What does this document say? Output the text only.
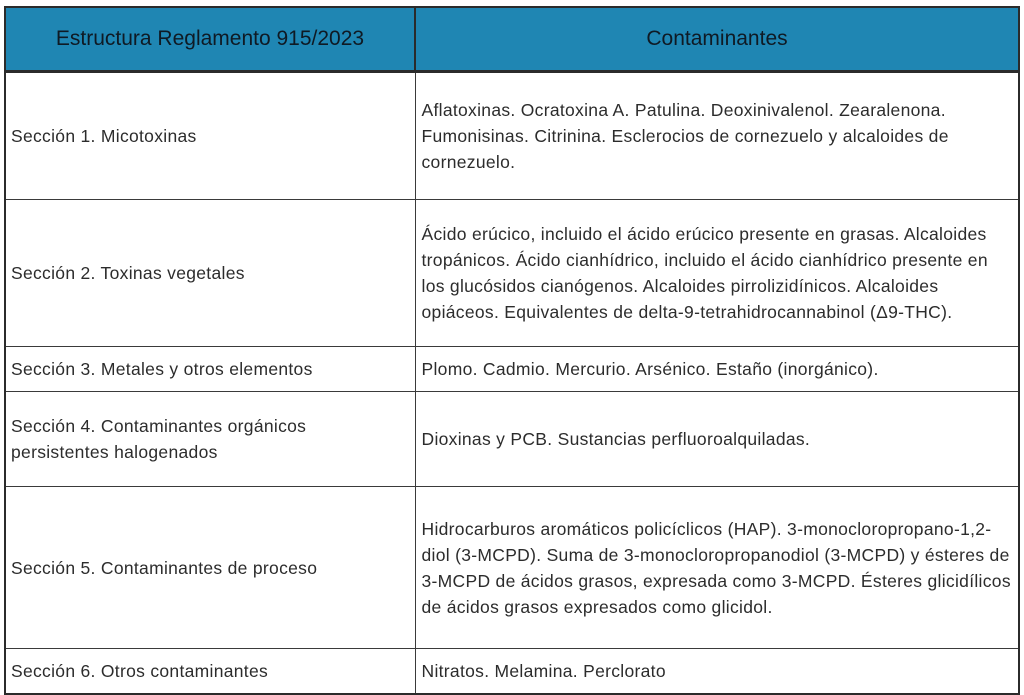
Estructura Reglamento 915/2023	Contaminantes
Sección 1. Micotoxinas	Aflatoxinas. Ocratoxina A. Patulina. Deoxinivalenol. Zearalenona. Fumonisinas. Citrinina. Esclerocios de cornezuelo y alcaloides de cornezuelo.
Sección 2. Toxinas vegetales	Ácido erúcico, incluido el ácido erúcico presente en grasas. Alcaloides tropánicos. Ácido cianhídrico, incluido el ácido cianhídrico presente en los glucósidos cianógenos. Alcaloides pirrolizidínicos. Alcaloides opiáceos. Equivalentes de delta-9-tetrahidrocannabinol (Δ9-THC).
Sección 3. Metales y otros elementos	Plomo. Cadmio. Mercurio. Arsénico. Estaño (inorgánico).
Sección 4. Contaminantes orgánicos persistentes halogenados	Dioxinas y PCB. Sustancias perfluoroalquiladas.
Sección 5. Contaminantes de proceso	Hidrocarburos aromáticos policíclicos (HAP). 3-monocloropropano-1,2-diol (3-MCPD). Suma de 3-monocloropropanodiol (3-MCPD) y ésteres de 3-MCPD de ácidos grasos, expresada como 3-MCPD. Ésteres glicidílicos de ácidos grasos expresados como glicidol.
Sección 6. Otros contaminantes	Nitratos. Melamina. Perclorato
